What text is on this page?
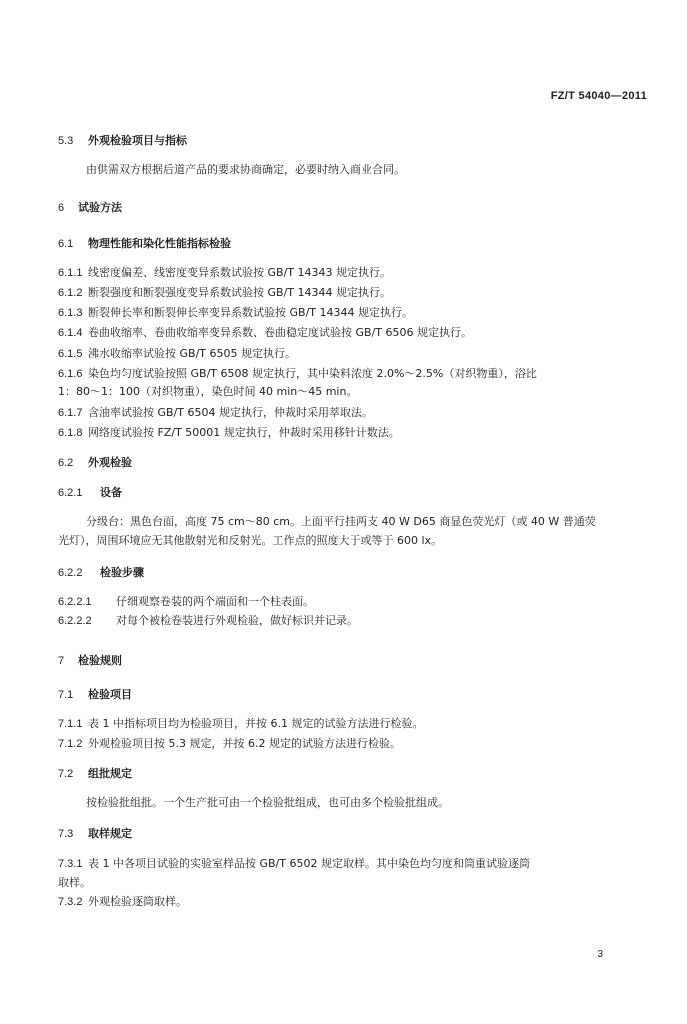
FZ/T 54040—2011
5.3 外观检验项目与指标
由供需双方根据后道产品的要求协商确定，必要时纳入商业合同。
6 试验方法
6.1 物理性能和染化性能指标检验
6.1.1 线密度偏差、线密度变异系数试验按 GB/T 14343 规定执行。
6.1.2 断裂强度和断裂强度变异系数试验按 GB/T 14344 规定执行。
6.1.3 断裂伸长率和断裂伸长率变异系数试验按 GB/T 14344 规定执行。
6.1.4 卷曲收缩率、卷曲收缩率变异系数、卷曲稳定度试验按 GB/T 6506 规定执行。
6.1.5 沸水收缩率试验按 GB/T 6505 规定执行。
6.1.6 染色均匀度试验按照 GB/T 6508 规定执行，其中染料浓度 2.0%～2.5%（对织物重），浴比
1：80～1：100（对织物重），染色时间 40 min～45 min。
6.1.7 含油率试验按 GB/T 6504 规定执行，仲裁时采用萃取法。
6.1.8 网络度试验按 FZ/T 50001 规定执行，仲裁时采用移针计数法。
6.2 外观检验
6.2.1 设备
分级台：黑色台面，高度 75 cm～80 cm。上面平行挂两支 40 W D65 商显色荧光灯（或 40 W 普通荧
光灯），周围环境应无其他散射光和反射光。工作点的照度大于或等于 600 lx。
6.2.2 检验步骤
6.2.2.1 仔细观察卷装的两个端面和一个柱表面。
6.2.2.2 对每个被检卷装进行外观检验，做好标识并记录。
7 检验规则
7.1 检验项目
7.1.1 表 1 中指标项目均为检验项目，并按 6.1 规定的试验方法进行检验。
7.1.2 外观检验项目按 5.3 规定，并按 6.2 规定的试验方法进行检验。
7.2 组批规定
按检验批组批。一个生产批可由一个检验批组成，也可由多个检验批组成。
7.3 取样规定
7.3.1 表 1 中各项目试验的实验室样品按 GB/T 6502 规定取样。其中染色均匀度和筒重试验逐筒
取样。
7.3.2 外观检验逐筒取样。
3
